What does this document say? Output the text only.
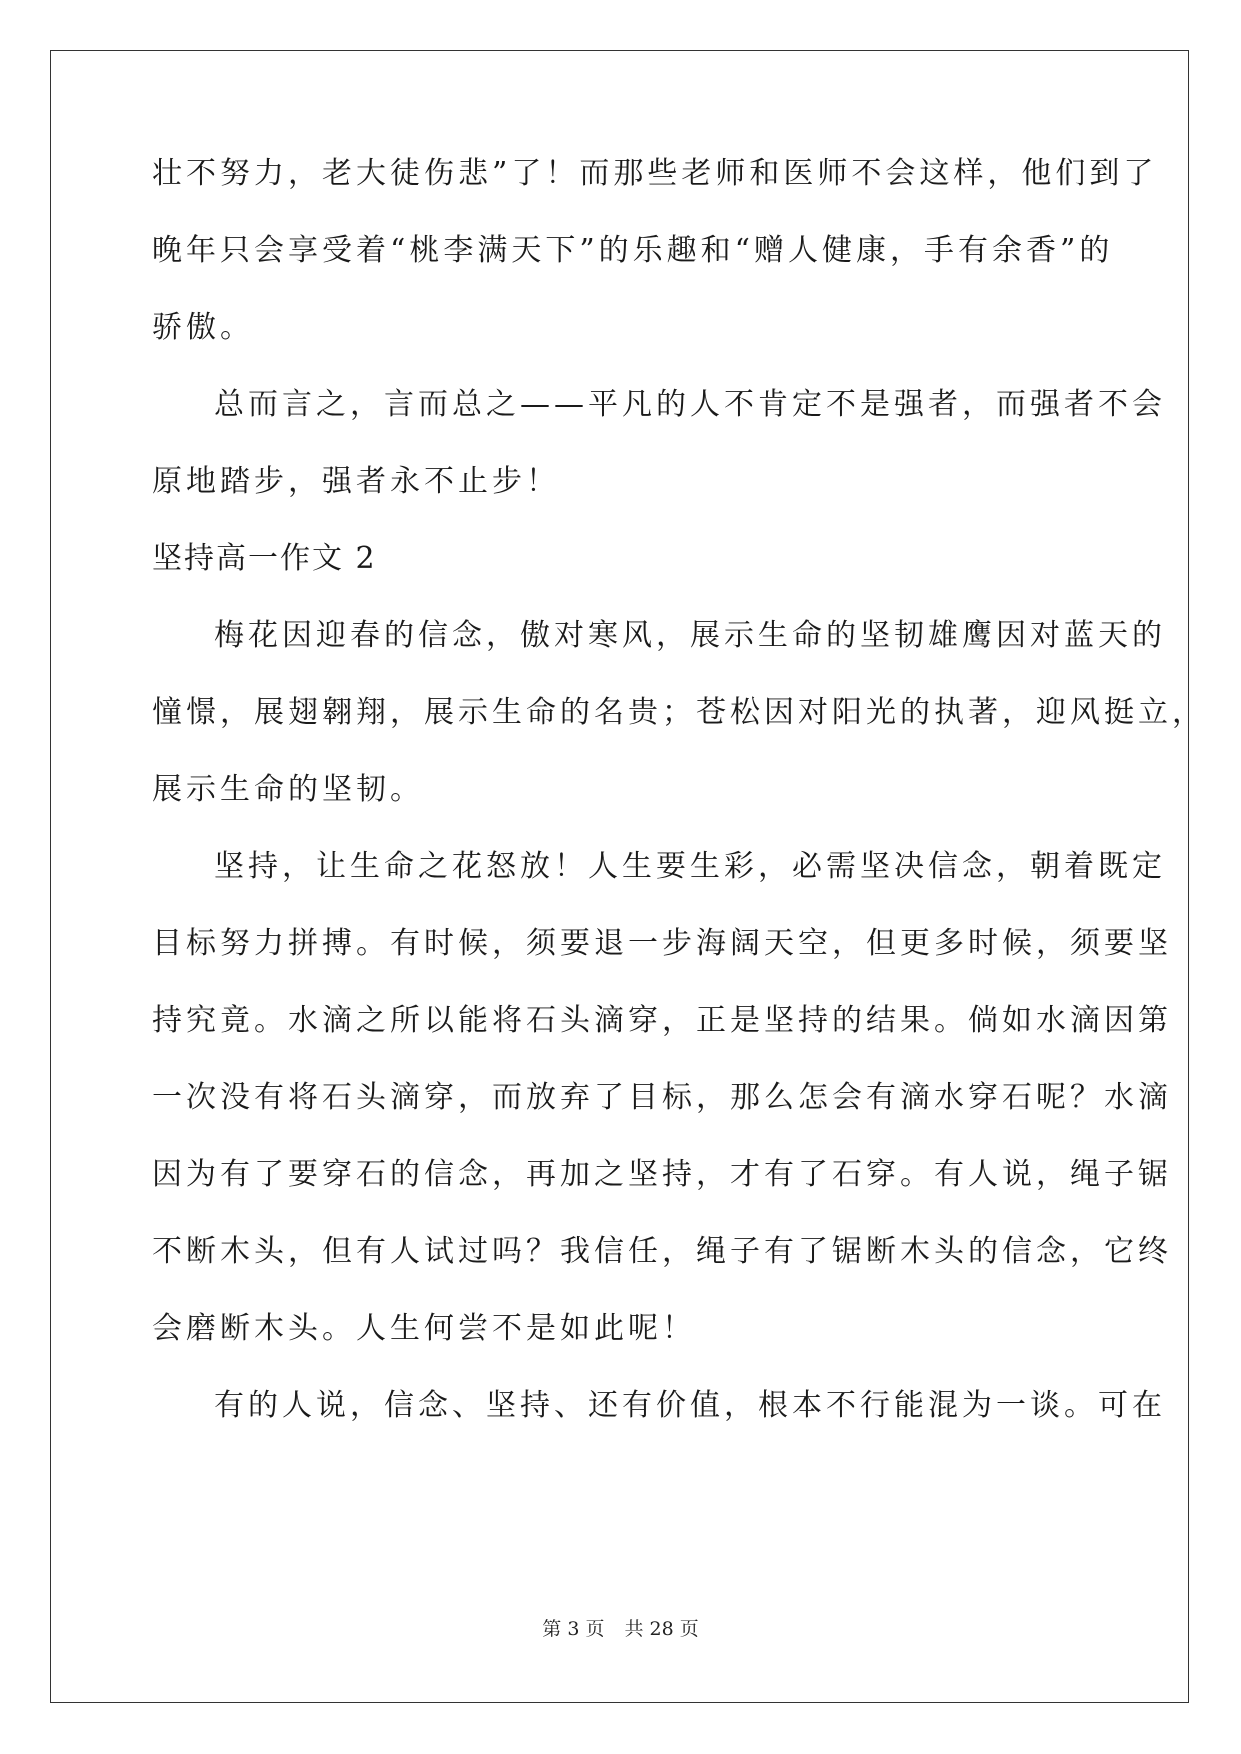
壮不努力，老大徒伤悲”了！而那些老师和医师不会这样，他们到了

晚年只会享受着“桃李满天下”的乐趣和“赠人健康，手有余香”的

骄傲。

总而言之，言而总之——平凡的人不肯定不是强者，而强者不会

原地踏步，强者永不止步！

坚持高一作文 2

梅花因迎春的信念，傲对寒风，展示生命的坚韧雄鹰因对蓝天的

憧憬，展翅翱翔，展示生命的名贵；苍松因对阳光的执著，迎风挺立，

展示生命的坚韧。

坚持，让生命之花怒放！人生要生彩，必需坚决信念，朝着既定

目标努力拼搏。有时候，须要退一步海阔天空，但更多时候，须要坚

持究竟。水滴之所以能将石头滴穿，正是坚持的结果。倘如水滴因第

一次没有将石头滴穿，而放弃了目标，那么怎会有滴水穿石呢？水滴

因为有了要穿石的信念，再加之坚持，才有了石穿。有人说，绳子锯

不断木头，但有人试过吗？我信任，绳子有了锯断木头的信念，它终

会磨断木头。人生何尝不是如此呢！

有的人说，信念、坚持、还有价值，根本不行能混为一谈。可在

第 3 页 共 28 页
